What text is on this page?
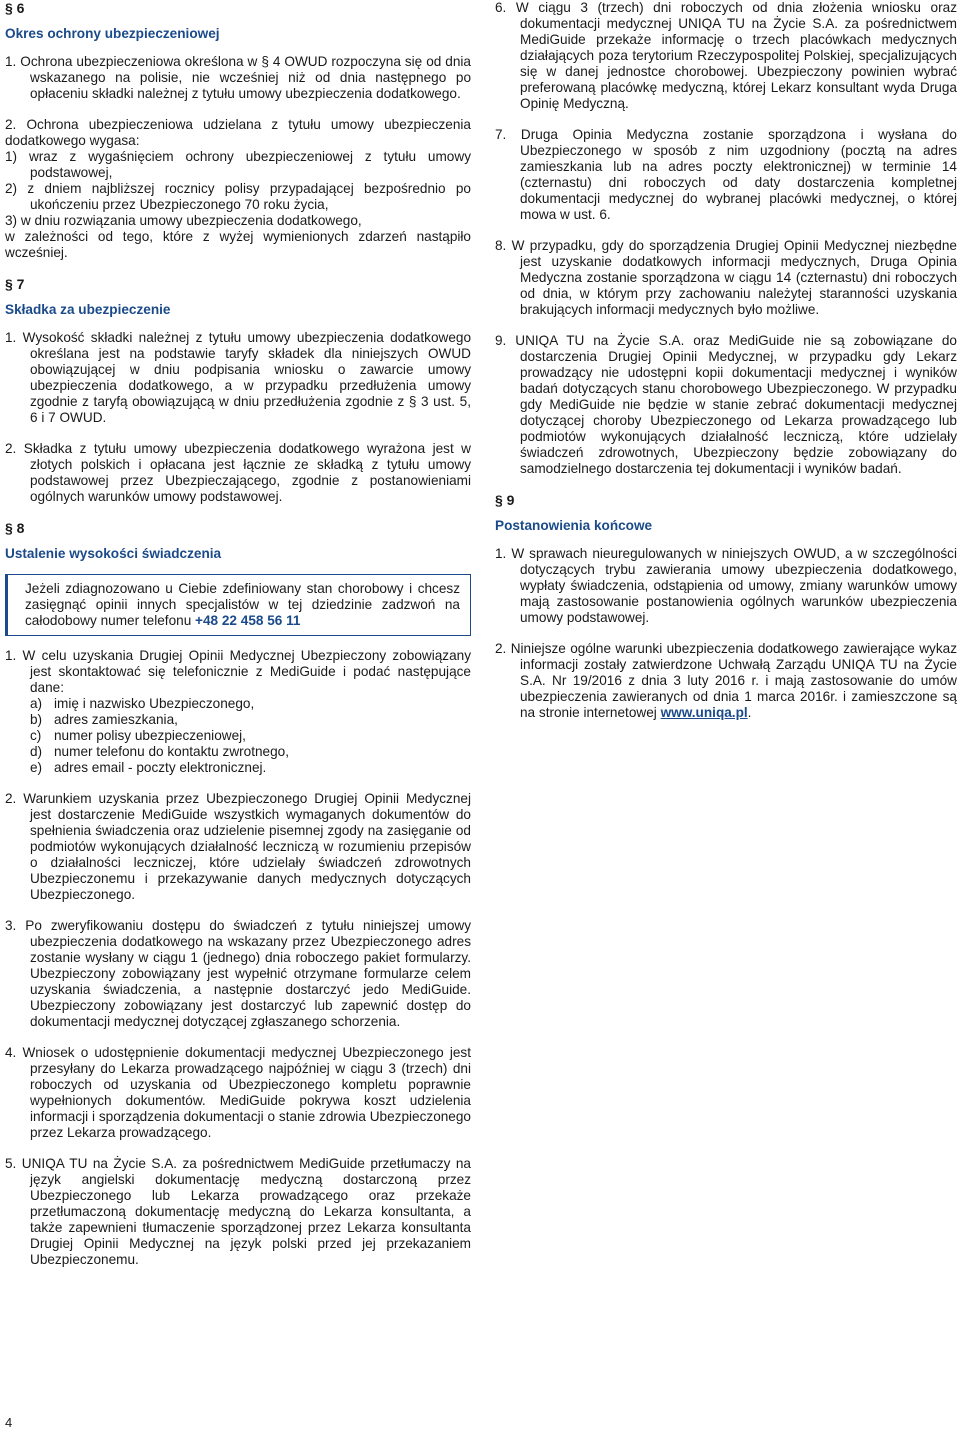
§ 6
Okres ochrony ubezpieczeniowej

1. Ochrona ubezpieczeniowa określona w § 4 OWUD rozpoczyna się od dnia wskazanego na polisie, nie wcześniej niż od dnia następnego po opłaceniu składki należnej z tytułu umowy ubezpieczenia dodatkowego.

2. Ochrona ubezpieczeniowa udzielana z tytułu umowy ubezpieczenia dodatkowego wygasa:

1) wraz z wygaśnięciem ochrony ubezpieczeniowej z tytułu umowy podstawowej,

2) z dniem najbliższej rocznicy polisy przypadającej bezpośrednio po ukończeniu przez Ubezpieczonego 70 roku życia,

3) w dniu rozwiązania umowy ubezpieczenia dodatkowego,

w zależności od tego, które z wyżej wymienionych zdarzeń nastąpiło wcześniej.

§ 7
Składka za ubezpieczenie

1. Wysokość składki należnej z tytułu umowy ubezpieczenia dodatkowego określana jest na podstawie taryfy składek dla niniejszych OWUD obowiązującej w dniu podpisania wniosku o zawarcie umowy ubezpieczenia dodatkowego, a w przypadku przedłużenia umowy zgodnie z taryfą obowiązującą w dniu przedłużenia zgodnie z § 3 ust. 5, 6 i 7 OWUD.

2. Składka z tytułu umowy ubezpieczenia dodatkowego wyrażona jest w złotych polskich i opłacana jest łącznie ze składką z tytułu umowy podstawowej przez Ubezpieczającego, zgodnie z postanowieniami ogólnych warunków umowy podstawowej.

§ 8
Ustalenie wysokości świadczenia

Jeżeli zdiagnozowano u Ciebie zdefiniowany stan chorobowy i chcesz zasięgnąć opinii innych specjalistów w tej dziedzinie zadzwoń na całodobowy numer telefonu +48 22 458 56 11

1. W celu uzyskania Drugiej Opinii Medycznej Ubezpieczony zobowiązany jest skontaktować się telefonicznie z MediGuide i podać następujące dane:

a) imię i nazwisko Ubezpieczonego,
b) adres zamieszkania,
c) numer polisy ubezpieczeniowej,
d) numer telefonu do kontaktu zwrotnego,
e) adres email - poczty elektronicznej.

2. Warunkiem uzyskania przez Ubezpieczonego Drugiej Opinii Medycznej jest dostarczenie MediGuide wszystkich wymaganych dokumentów do spełnienia świadczenia oraz udzielenie pisemnej zgody na zasięganie od podmiotów wykonujących działalność leczniczą w rozumieniu przepisów o działalności leczniczej, które udzielały świadczeń zdrowotnych Ubezpieczonemu i przekazywanie danych medycznych dotyczących Ubezpieczonego.

3. Po zweryfikowaniu dostępu do świadczeń z tytułu niniejszej umowy ubezpieczenia dodatkowego na wskazany przez Ubezpieczonego adres zostanie wysłany w ciągu 1 (jednego) dnia roboczego pakiet formularzy. Ubezpieczony zobowiązany jest wypełnić otrzymane formularze celem uzyskania świadczenia, a następnie dostarczyć jedo MediGuide. Ubezpieczony zobowiązany jest dostarczyć lub zapewnić dostęp do dokumentacji medycznej dotyczącej zgłaszanego schorzenia.

4. Wniosek o udostępnienie dokumentacji medycznej Ubezpieczonego jest przesyłany do Lekarza prowadzącego najpóźniej w ciągu 3 (trzech) dni roboczych od uzyskania od Ubezpieczonego kompletu poprawnie wypełnionych dokumentów. MediGuide pokrywa koszt udzielenia informacji i sporządzenia dokumentacji o stanie zdrowia Ubezpieczonego przez Lekarza prowadzącego.

5. UNIQA TU na Życie S.A. za pośrednictwem MediGuide przetłumaczy na język angielski dokumentację medyczną dostarczoną przez Ubezpieczonego lub Lekarza prowadzącego oraz przekaże przetłumaczoną dokumentację medyczną do Lekarza konsultanta, a także zapewnieni tłumaczenie sporządzonej przez Lekarza konsultanta Drugiej Opinii Medycznej na język polski przed jej przekazaniem Ubezpieczonemu.

6. W ciągu 3 (trzech) dni roboczych od dnia złożenia wniosku oraz dokumentacji medycznej UNIQA TU na Życie S.A. za pośrednictwem MediGuide przekaże informację o trzech placówkach medycznych działających poza terytorium Rzeczypospolitej Polskiej, specjalizujących się w danej jednostce chorobowej. Ubezpieczony powinien wybrać preferowaną placówkę medyczną, której Lekarz konsultant wyda Druga Opinię Medyczną.

7. Druga Opinia Medyczna zostanie sporządzona i wysłana do Ubezpieczonego w sposób z nim uzgodniony (pocztą na adres zamieszkania lub na adres poczty elektronicznej) w terminie 14 (czternastu) dni roboczych od daty dostarczenia kompletnej dokumentacji medycznej do wybranej placówki medycznej, o której mowa w ust. 6.

8. W przypadku, gdy do sporządzenia Drugiej Opinii Medycznej niezbędne jest uzyskanie dodatkowych informacji medycznych, Druga Opinia Medyczna zostanie sporządzona w ciągu 14 (czternastu) dni roboczych od dnia, w którym przy zachowaniu należytej staranności uzyskania brakujących informacji medycznych było możliwe.

9. UNIQA TU na Życie S.A. oraz MediGuide nie są zobowiązane do dostarczenia Drugiej Opinii Medycznej, w przypadku gdy Lekarz prowadzący nie udostępni kopii dokumentacji medycznej i wyników badań dotyczących stanu chorobowego Ubezpieczonego. W przypadku gdy MediGuide nie będzie w stanie zebrać dokumentacji medycznej dotyczącej choroby Ubezpieczonego od Lekarza prowadzącego lub podmiotów wykonujących działalność leczniczą, które udzielały świadczeń zdrowotnych, Ubezpieczony będzie zobowiązany do samodzielnego dostarczenia tej dokumentacji i wyników badań.

§ 9
Postanowienia końcowe

1. W sprawach nieuregulowanych w niniejszych OWUD, a w szczególności dotyczących trybu zawierania umowy ubezpieczenia dodatkowego, wypłaty świadczenia, odstąpienia od umowy, zmiany warunków umowy mają zastosowanie postanowienia ogólnych warunków ubezpieczenia umowy podstawowej.

2. Niniejsze ogólne warunki ubezpieczenia dodatkowego zawierające wykaz informacji zostały zatwierdzone Uchwałą Zarządu UNIQA TU na Życie S.A. Nr 19/2016 z dnia 3 luty 2016 r. i mają zastosowanie do umów ubezpieczenia zawieranych od dnia 1 marca 2016r. i zamieszczone są na stronie internetowej www.uniqa.pl.

4
